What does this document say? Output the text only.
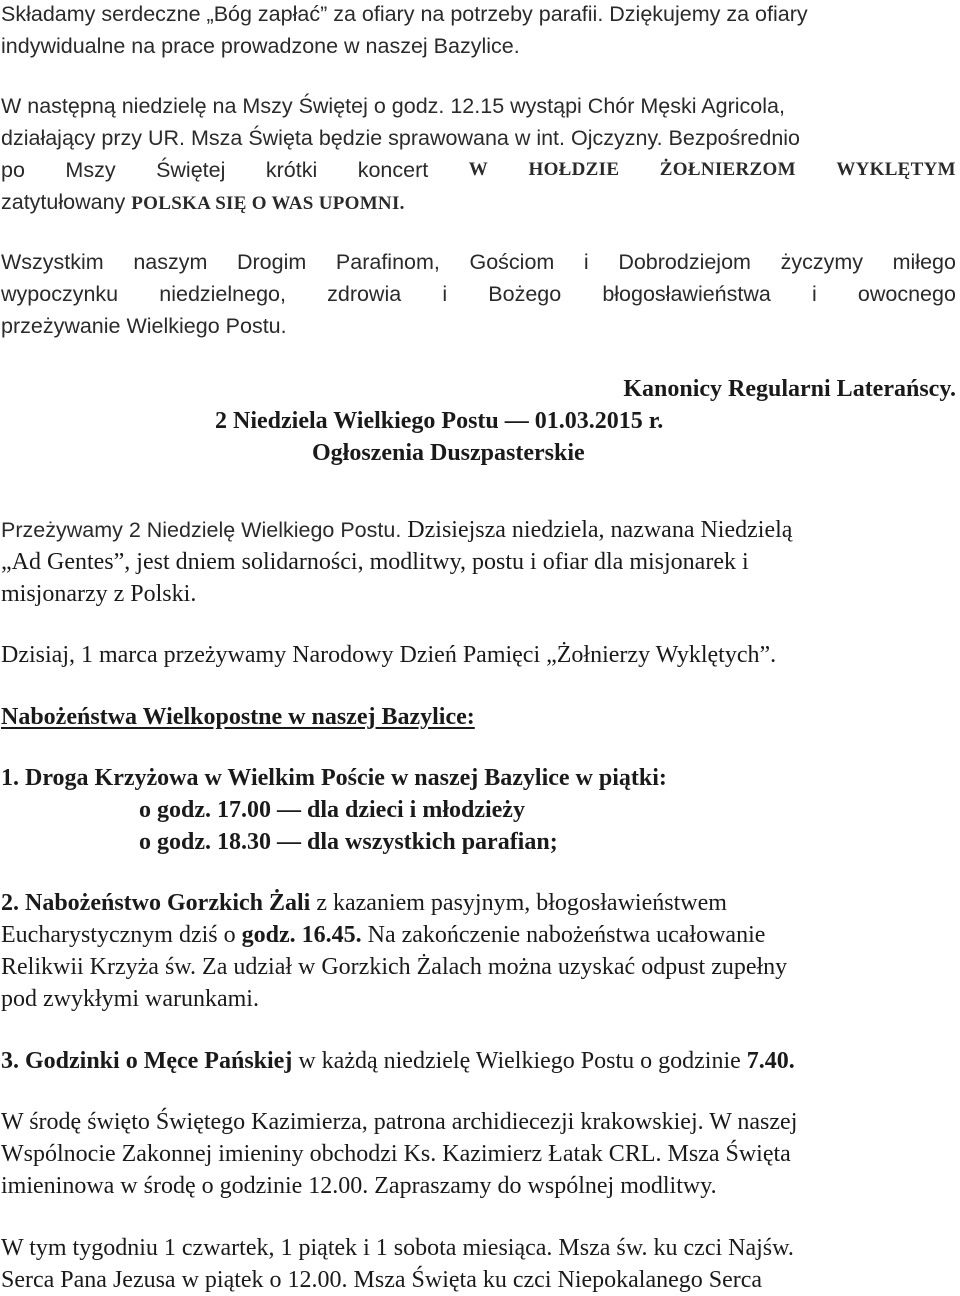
Składamy serdeczne „Bóg zapłać” za ofiary na potrzeby parafii. Dziękujemy za ofiary
indywidualne na prace prowadzone w naszej Bazylice.
W następną niedzielę na Mszy Świętej o godz. 12.15 wystąpi Chór Męski Agricola,
działający przy UR. Msza Święta będzie sprawowana w int. Ojczyzny. Bezpośrednio
po Mszy Świętej krótki koncert W HOŁDZIE ŻOŁNIERZOM WYKLĘTYM
zatytułowany POLSKA SIĘ O WAS UPOMNI.
Wszystkim naszym Drogim Parafinom, Gościom i Dobrodziejom życzymy miłego
wypoczynku niedzielnego, zdrowia i Bożego błogosławieństwa i owocnego
przeżywanie Wielkiego Postu.
Kanonicy Regularni Laterańscy.
2 Niedziela Wielkiego Postu — 01.03.2015 r.
Ogłoszenia Duszpasterskie
Przeżywamy 2 Niedzielę Wielkiego Postu. Dzisiejsza niedziela, nazwana Niedzielą
„Ad Gentes”, jest dniem solidarności, modlitwy, postu i ofiar dla misjonarek i
misjonarzy z Polski.
Dzisiaj, 1 marca przeżywamy Narodowy Dzień Pamięci „Żołnierzy Wyklętych”.
Nabożeństwa Wielkopostne w naszej Bazylice:
1. Droga Krzyżowa w Wielkim Poście w naszej Bazylice w piątki:
o godz. 17.00 — dla dzieci i młodzieży
o godz. 18.30 — dla wszystkich parafian;
2. Nabożeństwo Gorzkich Żali z kazaniem pasyjnym, błogosławieństwem
Eucharystycznym dziś o godz. 16.45. Na zakończenie nabożeństwa ucałowanie
Relikwii Krzyża św. Za udział w Gorzkich Żalach można uzyskać odpust zupełny
pod zwykłymi warunkami.
3. Godzinki o Męce Pańskiej w każdą niedzielę Wielkiego Postu o godzinie 7.40.
W środę święto Świętego Kazimierza, patrona archidiecezji krakowskiej. W naszej
Wspólnocie Zakonnej imieniny obchodzi Ks. Kazimierz Łatak CRL. Msza Święta
imieninowa w środę o godzinie 12.00. Zapraszamy do wspólnej modlitwy.
W tym tygodniu 1 czwartek, 1 piątek i 1 sobota miesiąca. Msza św. ku czci Najśw.
Serca Pana Jezusa w piątek o 12.00. Msza Święta ku czci Niepokalanego Serca
